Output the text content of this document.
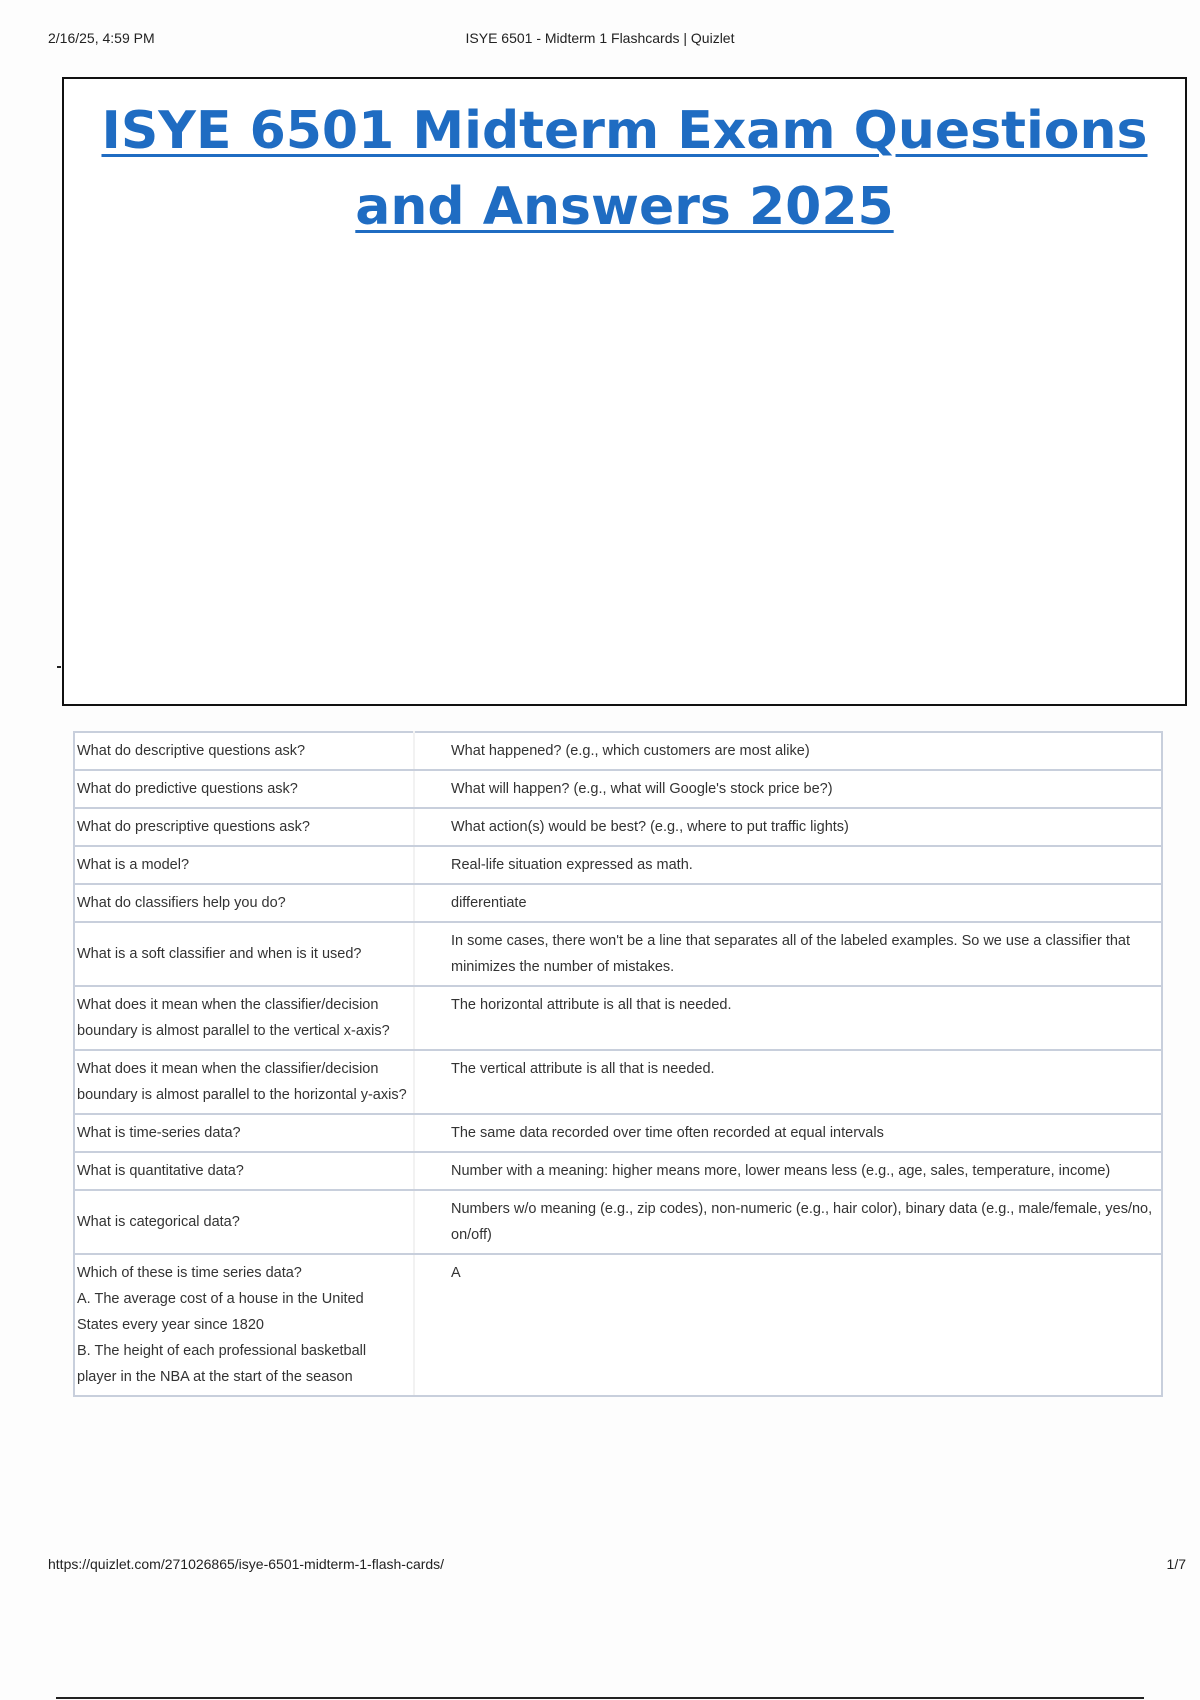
2/16/25, 4:59 PM	ISYE 6501 - Midterm 1 Flashcards | Quizlet
ISYE 6501 Midterm Exam Questions
and Answers 2025
What do descriptive questions ask?	What happened? (e.g., which customers are most alike)
What do predictive questions ask?	What will happen? (e.g., what will Google's stock price be?)
What do prescriptive questions ask?	What action(s) would be best? (e.g., where to put traffic lights)
What is a model?	Real-life situation expressed as math.
What do classifiers help you do?	differentiate
What is a soft classifier and when is it used?	In some cases, there won't be a line that separates all of the labeled examples. So we use a classifier that minimizes the number of mistakes.
What does it mean when the classifier/decision boundary is almost parallel to the vertical x-axis?	The horizontal attribute is all that is needed.
What does it mean when the classifier/decision boundary is almost parallel to the horizontal y-axis?	The vertical attribute is all that is needed.
What is time-series data?	The same data recorded over time often recorded at equal intervals
What is quantitative data?	Number with a meaning: higher means more, lower means less (e.g., age, sales, temperature, income)
What is categorical data?	Numbers w/o meaning (e.g., zip codes), non-numeric (e.g., hair color), binary data (e.g., male/female, yes/no, on/off)
Which of these is time series data?
A. The average cost of a house in the United States every year since 1820
B. The height of each professional basketball player in the NBA at the start of the season	A
https://quizlet.com/271026865/isye-6501-midterm-1-flash-cards/	1/7
